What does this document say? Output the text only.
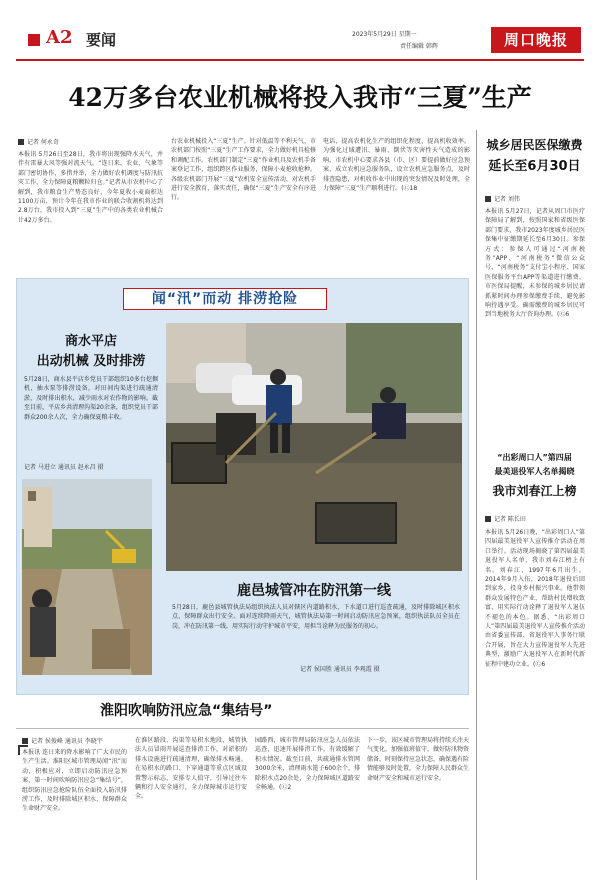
A2 要闻	2023年5月29日 星期一
责任编辑 韩辉	周口晚报
42万多台农业机械将投入我市“三夏”生产
记者 何永奇
本报讯 5月26日至28日，我市将出现强降水天气，并伴有雷暴大风等强对流天气。“连日来，农业、气象等部门密切协作，多措并举，全力做好农机调度与防汛抗灾工作，全力保障夏粮颗粒归仓。”记者从市农机中心了解到，我市粮食生产势态良好，今年夏收小麦面积达1100万亩，预计今年在我市作业的联合收割机将达到2.8万台，我市投入到“三夏”生产中的各类农业机械合计42万多台。
台农业机械投入“三夏”生产。针对低温等不利天气，市农机部门按照“三夏”生产工作要求，全力做好机具检修和调配工作。农机部门制定“三夏”作业机具及农机手备案登记工作，组织跨区作业服务，保障小麦抢收抢种。各级农机部门开展“三夏”农机安全宣传活动，对农机手进行安全教育，落实责任，确保“三夏”生产安全有序进行。
电话，提高农机化生产的组织化程度，提高机收效率。为强化过域遭汛、暴雨、倒伏等灾害性天气造成的影响，市农机中心要求各县（市、区）要提前做好应急预案，成立农机应急服务队，设立农机应急服务点，及时排查隐患，对机收作业中出现的突发情况及时处理，全力保障“三夏”生产顺利进行。(Ⓒ18
城乡居民医保缴费
延长至6月30日
记者 刘伟
本报讯 5月27日，记者从周口市医疗保障局了解到，按照国家和省级医保部门要求，我市2023年度城乡居民医保集中征缴期延长至6月30日。参保方式：参保人可通过“河南税务”APP、“河南税务”微信公众号、“河南税务”支付宝小程序、国家医保服务平台APP等渠道进行缴费。市医保局提醒，未参保的城乡居民请抓紧时间办理参保缴费手续，避免影响待遇享受。确需缴费的城乡居民可到当地税务大厅咨询办理。(Ⓒ6
闻“汛”而动 排涝抢险
商水平店
出动机械 及时排涝
5月28日，商水县平店乡党员干部组织10多台挖掘机、抽水泵等排涝设备，对田间沟渠进行疏通清淤，及时排出积水，减少雨水对农作物的影响。截至目前，平店乡共清理沟渠20余条，组织党员干部群众200余人次，全力确保夏粮丰收。
记者 马进立 通讯员 赵永昌 摄
鹿邑城管冲在防汛第一线
5月28日，鹿邑县城管执法局组织执法人员对辖区内道路积水、下水道口进行巡查疏通，及时排除城区积水点，保障群众出行安全。面对连续降雨天气，城管执法局第一时间启动防汛应急预案，组织执法队员全员在岗，冲在防汛第一线，用实际行动守护城市平安，用担当诠释为民服务的初心。
记者 侯国胜 通讯员 李观霞 摄
淮阳吹响防汛应急“集结号”
记者 侯俊峰 通讯员 李晓宇
本报讯 连日来的降水影响了广大市民的生产生活。淮阳区城市管理局闻“汛”而动，积极应对，立即启动防汛应急预案，第一时间吹响防汛应急“集结号”，组织防汛应急抢险队伍全面投入防汛排涝工作，及时排除城区积水，保障群众生命财产安全。
在淮区路段、沟渠等易积水地段，城管执法人员冒雨开展巡查排涝工作，对淤积的排水设施进行疏通清理，确保排水畅通。在易积水的路口、下穿通道等重点区域设置警示标志，安排专人值守，引导过往车辆和行人安全通行，全力保障城市运行安全。
园路西，城市管理局防汛应急人员依法巡查，迅速开展排涝工作，有效缓解了积水情况。截至目前，共疏通排水管网3000余米，清理雨水篦子600余个，排除积水点20余处，全力保障城区道路安全畅通。(Ⓒ2
下一步，该区城市管理局将持续关注天气变化，加强值班值守，做好防汛物资储备，时刻保持应急状态，确保遇有险情能够及时处置，全力保障人民群众生命财产安全和城市运行安全。
“出彩周口人”第四届
最美退役军人名单揭晓
我市刘春江上榜
记者 陈长田
本报讯 5月26日晚，“出彩周口人”第四届最美退役军人宣传推介活动在周口举行。活动现场揭晓了第四届最美退役军人名单，我市刘春江榜上有名。刘春江，1997年6月出生，2014年9月入伍，2018年退役后回到家乡，投身乡村振兴事业。他带领群众发展特色产业，帮助村民增收致富，用实际行动诠释了退役军人退伍不褪色的本色。据悉，“出彩周口人”第四届最美退役军人宣传推介活动由省委宣传部、省退役军人事务厅联合开展，旨在大力宣传退役军人先进典型，激励广大退役军人在新时代新征程中建功立业。(Ⓒ6
